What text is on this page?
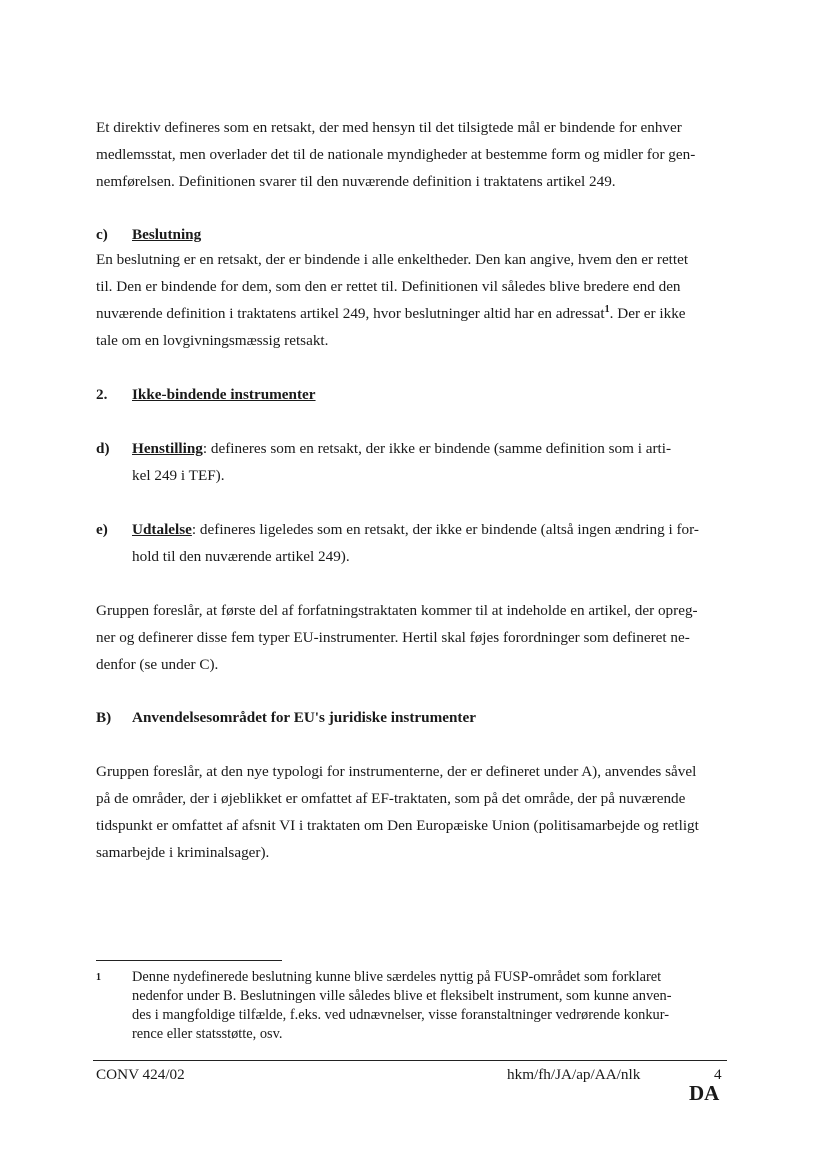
Et direktiv defineres som en retsakt, der med hensyn til det tilsigtede mål er bindende for enhver
medlemsstat, men overlader det til de nationale myndigheder at bestemme form og midler for gen-
nemførelsen. Definitionen svarer til den nuværende definition i traktatens artikel 249.

c) Beslutning

En beslutning er en retsakt, der er bindende i alle enkeltheder. Den kan angive, hvem den er rettet
til. Den er bindende for dem, som den er rettet til. Definitionen vil således blive bredere end den
nuværende definition i traktatens artikel 249, hvor beslutninger altid har en adressat$^1$. Der er ikke
tale om en lovgivningsmæssig retsakt.

2. Ikke-bindende instrumenter
d) Henstilling: defineres som en retsakt, der ikke er bindende (samme definition som i arti-
kel 249 i TEF).
e) Udtalelse: defineres ligeledes som en retsakt, der ikke er bindende (altså ingen ændring i for-
hold til den nuværende artikel 249).

Gruppen foreslår, at første del af forfatningstraktaten kommer til at indeholde en artikel, der opreg-
ner og definerer disse fem typer EU-instrumenter. Hertil skal føjes forordninger som defineret ne-
denfor (se under C).

B) Anvendelsesområdet for EU's juridiske instrumenter

Gruppen foreslår, at den nye typologi for instrumenterne, der er defineret under A), anvendes såvel
på de områder, der i øjeblikket er omfattet af EF-traktaten, som på det område, der på nuværende
tidspunkt er omfattet af afsnit VI i traktaten om Den Europæiske Union (politisamarbejde og retligt
samarbejde i kriminalsager).

1 Denne nydefinerede beslutning kunne blive særdeles nyttig på FUSP-området som forklaret
nedenfor under B. Beslutningen ville således blive et fleksibelt instrument, som kunne anven-
des i mangfoldige tilfælde, f.eks. ved udnævnelser, visse foranstaltninger vedrørende konkur-
rence eller statsstøtte, osv.
CONV 424/02	hkm/fh/JA/ap/AA/nlk	4
DA
